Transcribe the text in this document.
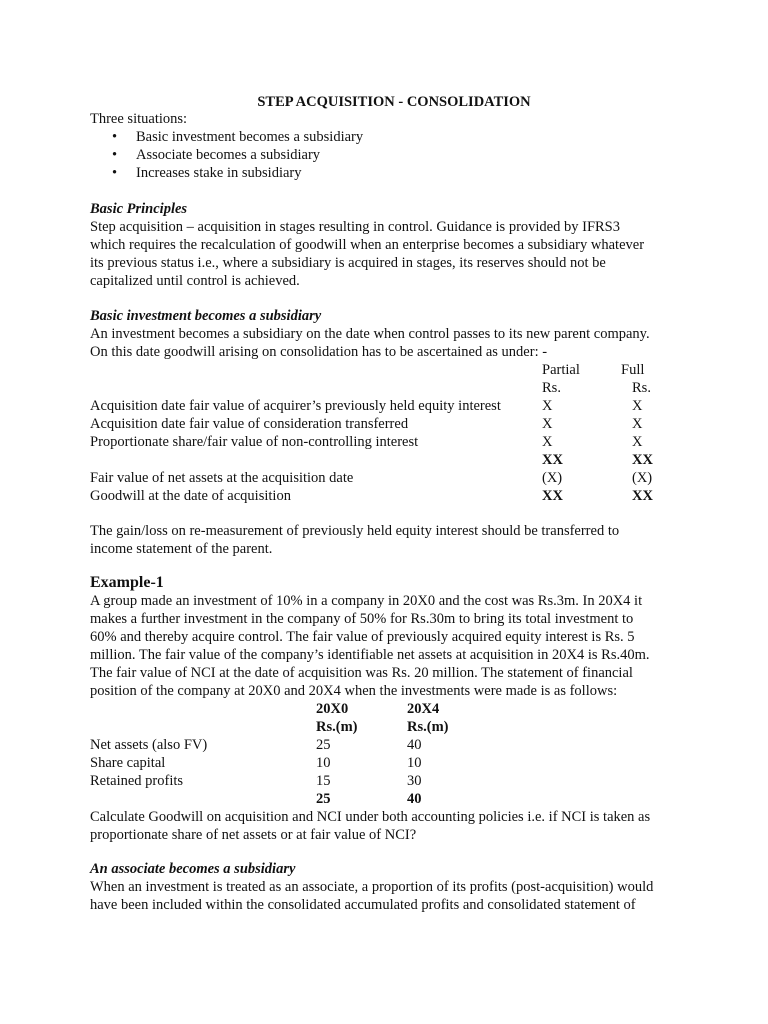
STEP ACQUISITION - CONSOLIDATION

Three situations:

• Basic investment becomes a subsidiary
• Associate becomes a subsidiary
• Increases stake in subsidiary

Basic Principles

Step acquisition – acquisition in stages resulting in control. Guidance is provided by IFRS3

which requires the recalculation of goodwill when an enterprise becomes a subsidiary whatever

its previous status i.e., where a subsidiary is acquired in stages, its reserves should not be

capitalized until control is achieved.

Basic investment becomes a subsidiary

An investment becomes a subsidiary on the date when control passes to its new parent company.

On this date goodwill arising on consolidation has to be ascertained as under: -

Partial	Full
Rs.	Rs.
Acquisition date fair value of acquirer’s previously held equity interest	X	X
Acquisition date fair value of consideration transferred	X	X
Proportionate share/fair value of non-controlling interest	X	X
XX	XX
Fair value of net assets at the acquisition date	(X)	(X)
Goodwill at the date of acquisition	XX	XX

The gain/loss on re-measurement of previously held equity interest should be transferred to

income statement of the parent.

Example-1

A group made an investment of 10% in a company in 20X0 and the cost was Rs.3m. In 20X4 it

makes a further investment in the company of 50% for Rs.30m to bring its total investment to

60% and thereby acquire control. The fair value of previously acquired equity interest is Rs. 5

million. The fair value of the company’s identifiable net assets at acquisition in 20X4 is Rs.40m.

The fair value of NCI at the date of acquisition was Rs. 20 million. The statement of financial

position of the company at 20X0 and 20X4 when the investments were made is as follows:

20X0	20X4
Rs.(m)	Rs.(m)
Net assets (also FV)	25	40
Share capital	10	10
Retained profits	15	30
25	40

Calculate Goodwill on acquisition and NCI under both accounting policies i.e. if NCI is taken as

proportionate share of net assets or at fair value of NCI?

An associate becomes a subsidiary

When an investment is treated as an associate, a proportion of its profits (post-acquisition) would

have been included within the consolidated accumulated profits and consolidated statement of
